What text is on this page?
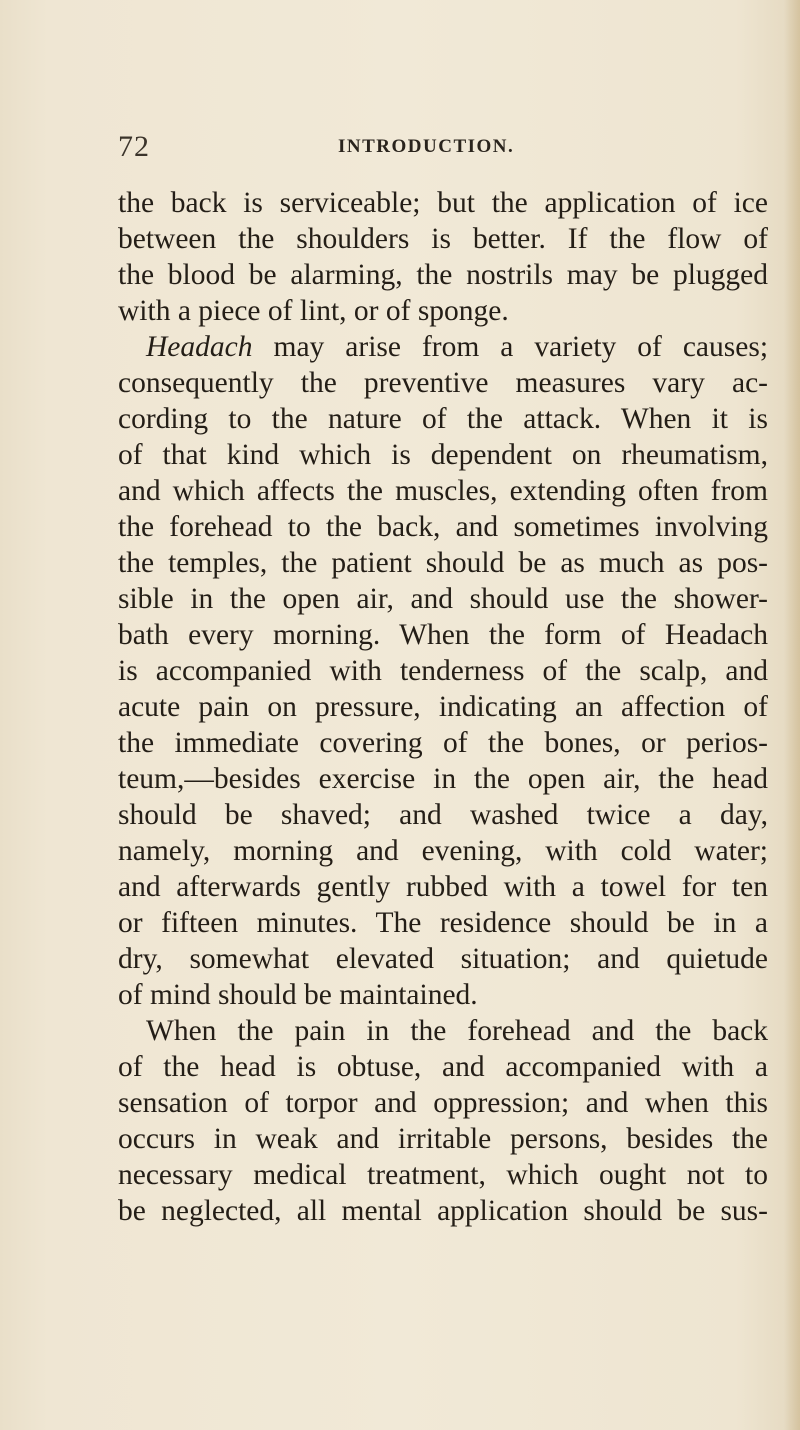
72	INTRODUCTION.
the back is serviceable; but the application of ice
between the shoulders is better. If the flow of
the blood be alarming, the nostrils may be plugged
with a piece of lint, or of sponge.
Headach may arise from a variety of causes;
consequently the preventive measures vary ac-
cording to the nature of the attack. When it is
of that kind which is dependent on rheumatism,
and which affects the muscles, extending often from
the forehead to the back, and sometimes involving
the temples, the patient should be as much as pos-
sible in the open air, and should use the shower-
bath every morning. When the form of Headach
is accompanied with tenderness of the scalp, and
acute pain on pressure, indicating an affection of
the immediate covering of the bones, or perios-
teum,—besides exercise in the open air, the head
should be shaved; and washed twice a day,
namely, morning and evening, with cold water;
and afterwards gently rubbed with a towel for ten
or fifteen minutes. The residence should be in a
dry, somewhat elevated situation; and quietude
of mind should be maintained.
When the pain in the forehead and the back
of the head is obtuse, and accompanied with a
sensation of torpor and oppression; and when this
occurs in weak and irritable persons, besides the
necessary medical treatment, which ought not to
be neglected, all mental application should be sus-
